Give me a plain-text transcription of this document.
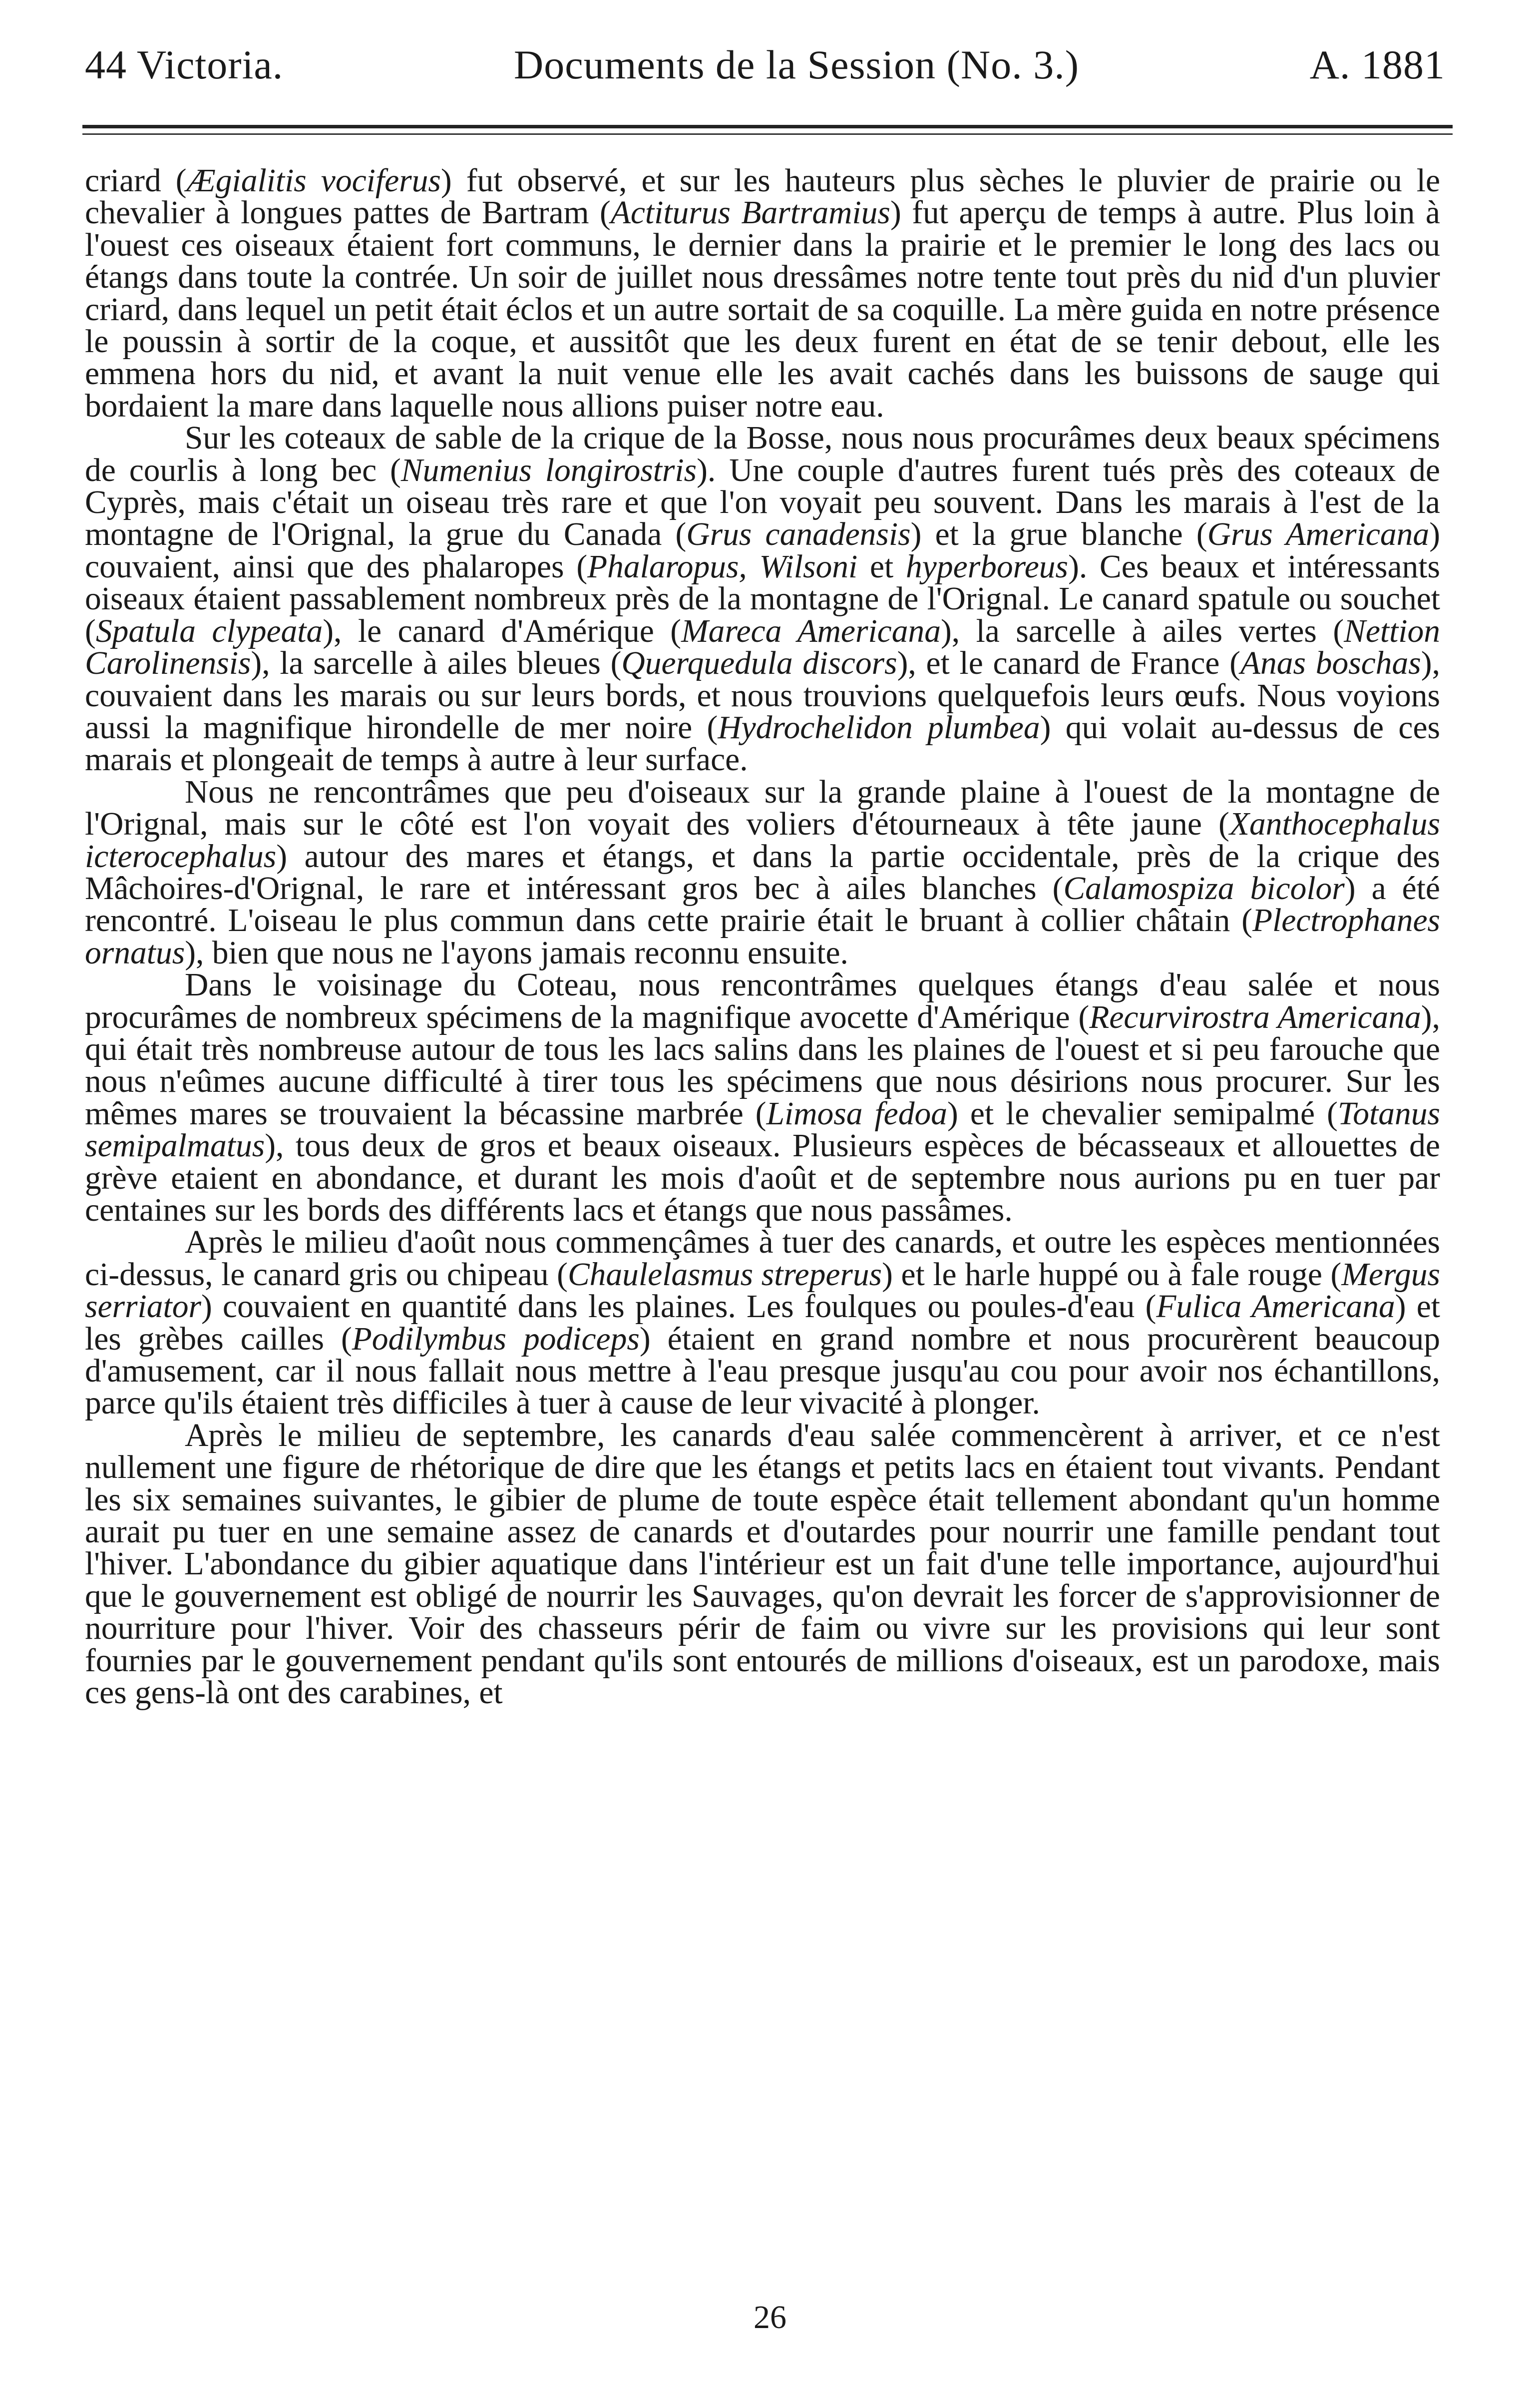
44 Victoria.	Documents de la Session (No. 3.)	A. 1881

criard (Ægialitis vociferus) fut observé, et sur les hauteurs plus sèches le pluvier de prairie ou le chevalier à longues pattes de Bartram (Actiturus Bartramius) fut aperçu de temps à autre. Plus loin à l'ouest ces oiseaux étaient fort communs, le dernier dans la prairie et le premier le long des lacs ou étangs dans toute la contrée. Un soir de juillet nous dressâmes notre tente tout près du nid d'un pluvier criard, dans lequel un petit était éclos et un autre sortait de sa coquille. La mère guida en notre présence le poussin à sortir de la coque, et aussitôt que les deux furent en état de se tenir debout, elle les emmena hors du nid, et avant la nuit venue elle les avait cachés dans les buissons de sauge qui bordaient la mare dans laquelle nous allions puiser notre eau.

Sur les coteaux de sable de la crique de la Bosse, nous nous procurâmes deux beaux spécimens de courlis à long bec (Numenius longirostris). Une couple d'autres furent tués près des coteaux de Cyprès, mais c'était un oiseau très rare et que l'on voyait peu souvent. Dans les marais à l'est de la montagne de l'Orignal, la grue du Canada (Grus canadensis) et la grue blanche (Grus Americana) couvaient, ainsi que des phalaropes (Phalaropus, Wilsoni et hyperboreus). Ces beaux et intéressants oiseaux étaient passablement nombreux près de la montagne de l'Orignal. Le canard spatule ou souchet (Spatula clypeata), le canard d'Amérique (Mareca Americana), la sarcelle à ailes vertes (Nettion Carolinensis), la sarcelle à ailes bleues (Querquedula discors), et le canard de France (Anas boschas), couvaient dans les marais ou sur leurs bords, et nous trouvions quelquefois leurs œufs. Nous voyions aussi la magnifique hirondelle de mer noire (Hydrochelidon plumbea) qui volait au-dessus de ces marais et plongeait de temps à autre à leur surface.

Nous ne rencontrâmes que peu d'oiseaux sur la grande plaine à l'ouest de la montagne de l'Orignal, mais sur le côté est l'on voyait des voliers d'étourneaux à tête jaune (Xanthocephalus icterocephalus) autour des mares et étangs, et dans la partie occidentale, près de la crique des Mâchoires-d'Orignal, le rare et intéressant gros bec à ailes blanches (Calamospiza bicolor) a été rencontré. L'oiseau le plus commun dans cette prairie était le bruant à collier châtain (Plectrophanes ornatus), bien que nous ne l'ayons jamais reconnu ensuite.

Dans le voisinage du Coteau, nous rencontrâmes quelques étangs d'eau salée et nous procurâmes de nombreux spécimens de la magnifique avocette d'Amérique (Recurvirostra Americana), qui était très nombreuse autour de tous les lacs salins dans les plaines de l'ouest et si peu farouche que nous n'eûmes aucune difficulté à tirer tous les spécimens que nous désirions nous procurer. Sur les mêmes mares se trouvaient la bécassine marbrée (Limosa fedoa) et le chevalier semipalmé (Totanus semipalmatus), tous deux de gros et beaux oiseaux. Plusieurs espèces de bécasseaux et allouettes de grève etaient en abondance, et durant les mois d'août et de septembre nous aurions pu en tuer par centaines sur les bords des différents lacs et étangs que nous passâmes.

Après le milieu d'août nous commençâmes à tuer des canards, et outre les espèces mentionnées ci-dessus, le canard gris ou chipeau (Chaulelasmus streperus) et le harle huppé ou à fale rouge (Mergus serriator) couvaient en quantité dans les plaines. Les foulques ou poules-d'eau (Fulica Americana) et les grèbes cailles (Podilymbus podiceps) étaient en grand nombre et nous procurèrent beaucoup d'amusement, car il nous fallait nous mettre à l'eau presque jusqu'au cou pour avoir nos échantillons, parce qu'ils étaient très difficiles à tuer à cause de leur vivacité à plonger.

Après le milieu de septembre, les canards d'eau salée commencèrent à arriver, et ce n'est nullement une figure de rhétorique de dire que les étangs et petits lacs en étaient tout vivants. Pendant les six semaines suivantes, le gibier de plume de toute espèce était tellement abondant qu'un homme aurait pu tuer en une semaine assez de canards et d'outardes pour nourrir une famille pendant tout l'hiver. L'abondance du gibier aquatique dans l'intérieur est un fait d'une telle importance, aujourd'hui que le gouvernement est obligé de nourrir les Sauvages, qu'on devrait les forcer de s'approvisionner de nourriture pour l'hiver. Voir des chasseurs périr de faim ou vivre sur les provisions qui leur sont fournies par le gouvernement pendant qu'ils sont entourés de millions d'oiseaux, est un parodoxe, mais ces gens-là ont des carabines, et

26
